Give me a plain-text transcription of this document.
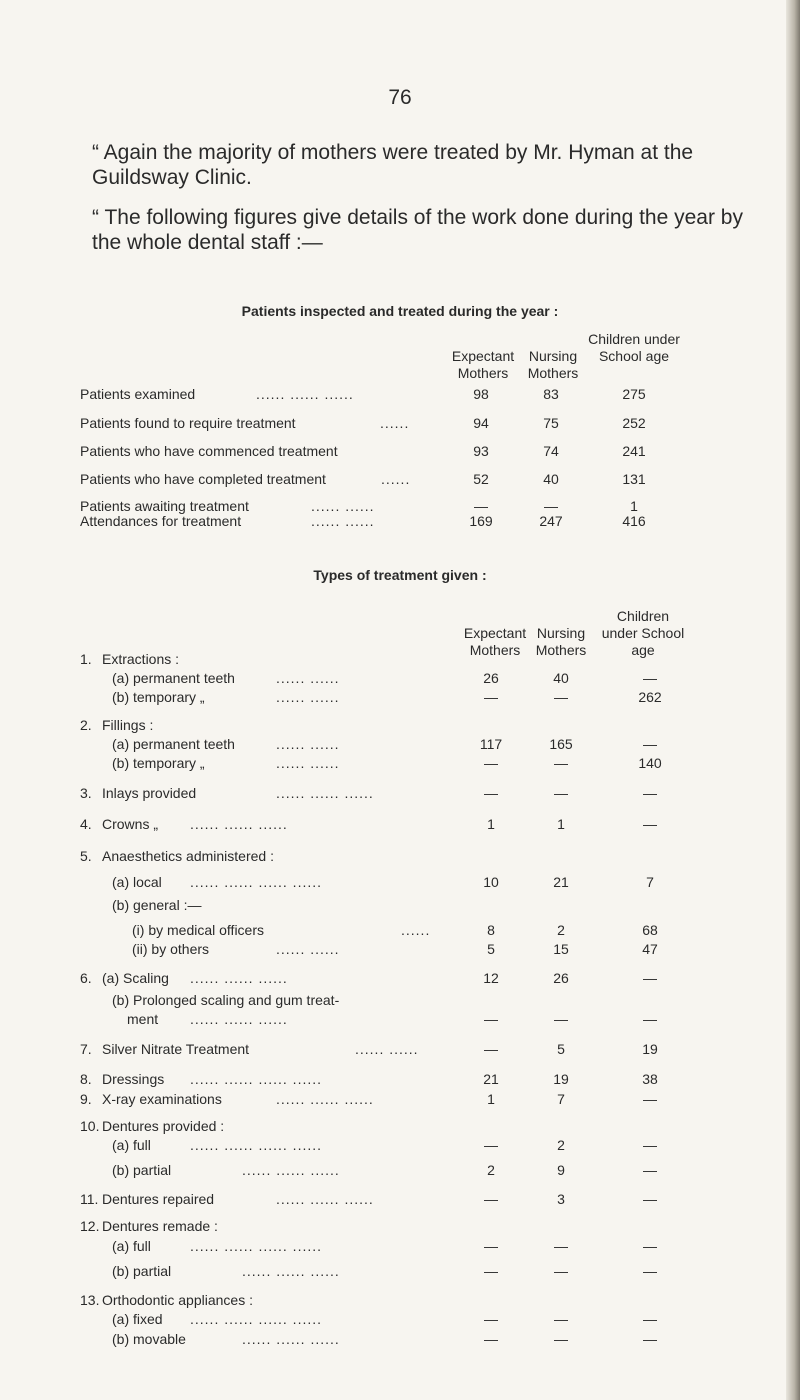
76

“ Again the majority of mothers were treated by Mr. Hyman at the Guildsway Clinic.

“ The following figures give details of the work done during the year by the whole dental staff :—

Patients inspected and treated during the year :
Expectant Mothers
Nursing Mothers
Children under School age
Patients examined	...... ...... ......	98	83	275
Patients found to require treatment	......	94	75	252
Patients who have commenced treatment	93	74	241
Patients who have completed treatment	......	52	40	131
Patients awaiting treatment	...... ......	—	—	1
Attendances for treatment	...... ......	169	247	416
Types of treatment given :
Expectant Mothers
Nursing Mothers
Children under School age
1. Extractions :
(a) permanent teeth	...... ......	26	40	—
(b) temporary „	...... ......	—	—	262
2. Fillings :
(a) permanent teeth	...... ......	117	165	—
(b) temporary „	...... ......	—	—	140
3. Inlays provided	...... ...... ......	—	—	—
4. Crowns „ ...... ...... ......	1	1	—
5. Anaesthetics administered :
(a) local ...... ...... ...... ......	10	21	7
(b) general :—
(i) by medical officers	......	8	2	68
(ii) by others	...... ......	5	15	47
6. (a) Scaling ...... ...... ......	12	26	—
(b) Prolonged scaling and gum treat-
ment ...... ...... ......	—	—	—
7. Silver Nitrate Treatment	...... ......	—	5	19
8. Dressings ...... ...... ...... ......	21	19	38
9. X-ray examinations	...... ...... ......	1	7	—
10. Dentures provided :
(a) full	...... ...... ...... ......	—	2	—
(b) partial	...... ...... ......	2	9	—
11. Dentures repaired	...... ...... ......	—	3	—
12. Dentures remade :
(a) full	...... ...... ...... ......	—	—	—
(b) partial	...... ...... ......	—	—	—
13. Orthodontic appliances :
(a) fixed ...... ...... ...... ......	—	—	—
(b) movable	...... ...... ......	—	—	—
